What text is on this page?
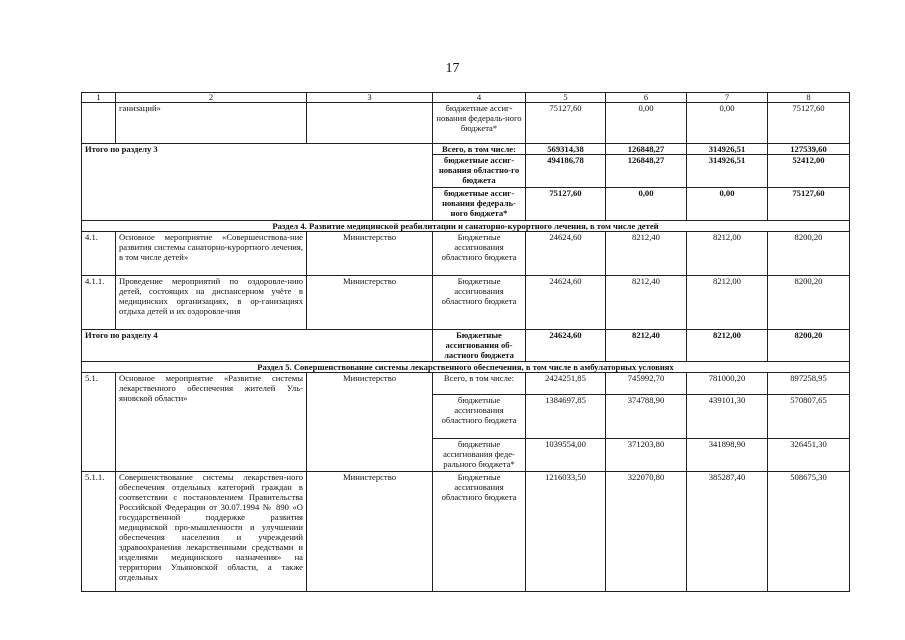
17
1	2	3	4	5	6	7	8
	ганизаций»		бюджетные ассиг-нования федераль-ного бюджета*	75127,60	0,00	0,00	75127,60
Итого по разделу 3			Всего, в том числе:	569314,38	126848,27	314926,51	127539,60
			бюджетные ассиг-нования областно-го бюджета	494186,78	126848,27	314926,51	52412,00
			бюджетные ассиг-нования федераль-ного бюджета*	75127,60	0,00	0,00	75127,60
Раздел 4. Развитие медицинской реабилитации и санаторно-курортного лечения, в том числе детей							
4.1.	Основное мероприятие «Совершенствова-ние развития системы санаторно-курортного лечения, в том числе детей»	Министерство	Бюджетные ассигнования областного бюджета	24624,60	8212,40	8212,00	8200,20
4.1.1.	Проведение мероприятий по оздоровле-нию детей, состоящих на диспансерном учёте в медицинских организациях, в ор-ганизациях отдыха детей и их оздоровле-ния	Министерство	Бюджетные ассигнования областного бюджета	24624,60	8212,40	8212,00	8200,20
Итого по разделу 4			Бюджетные ассигнования об-ластного бюджета	24624,60	8212,40	8212,00	8200,20
Раздел 5. Совершенствование системы лекарственного обеспечения, в том числе в амбулаторных условиях							
5.1.	Основное мероприятие «Развитие системы лекарственного обеспечения жителей Уль-яновской области»	Министерство	Всего, в том числе:	2424251,85	745992,70	781000,20	897258,95
			бюджетные ассигнования областного бюджета	1384697,85	374788,90	439101,30	570807,65
			бюджетные ассигнования феде-рального бюджета*	1039554,00	371203,80	341898,90	326451,30
5.1.1.	Совершенствование системы лекарствен-ного обеспечения отдельных категорий граждан в соответствии с постановлением Правительства Российской Федерации от 30.07.1994 № 890 «О государственной поддержке развития медицинской про-мышленности и улучшении обеспечения населения и учреждений здравоохранения лекарственными средствами и изделиями медицинского назначения» на территории Ульяновской области, а также отдельных	Министерство	Бюджетные ассигнования областного бюджета	1216033,50	322070,80	385287,40	508675,30
